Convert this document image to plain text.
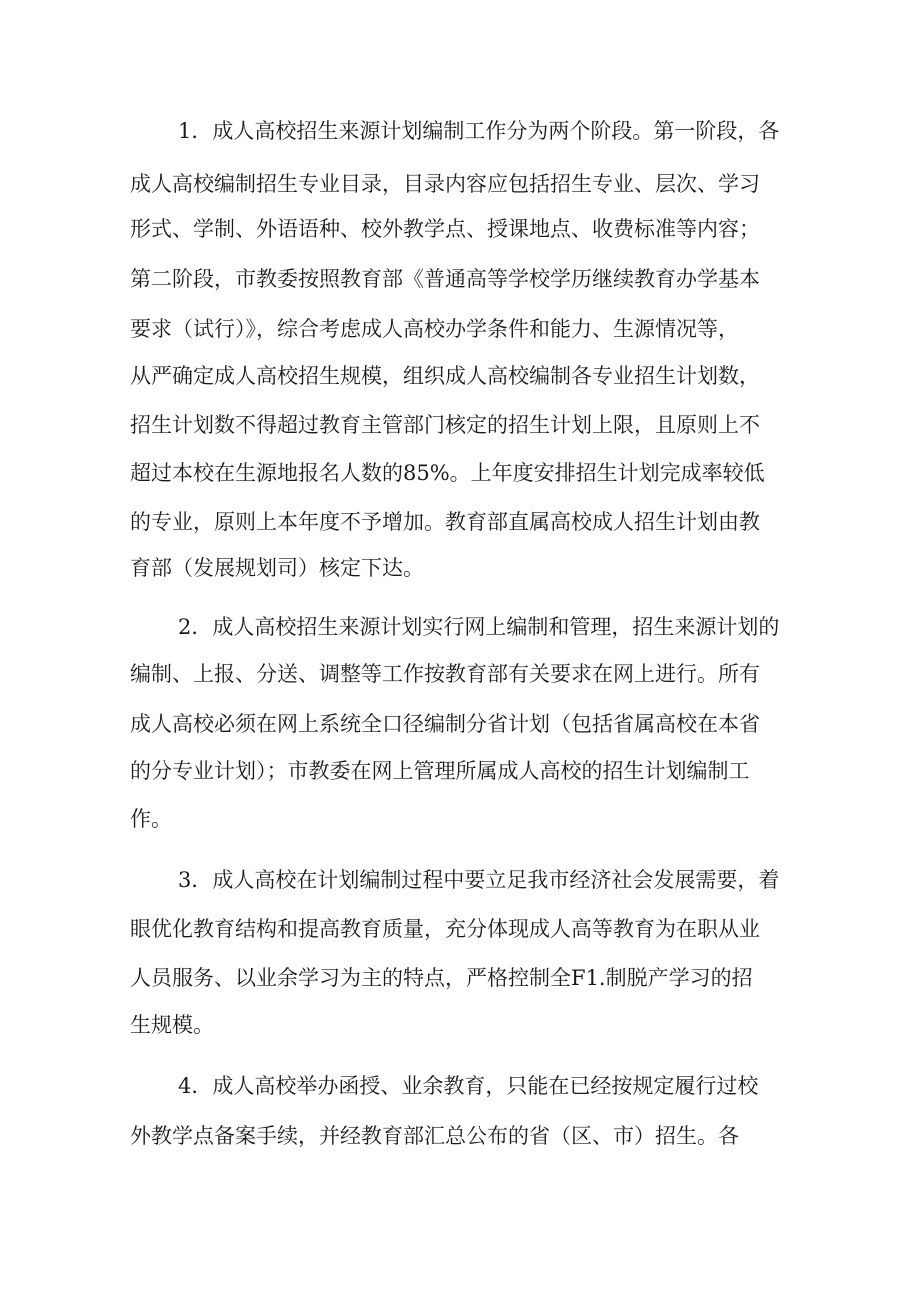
1．成人高校招生来源计划编制工作分为两个阶段。第一阶段，各
成人高校编制招生专业目录，目录内容应包括招生专业、层次、学习
形式、学制、外语语种、校外教学点、授课地点、收费标准等内容；
第二阶段，市教委按照教育部《普通高等学校学历继续教育办学基本
要求（试行）》，综合考虑成人高校办学条件和能力、生源情况等，
从严确定成人高校招生规模，组织成人高校编制各专业招生计划数，
招生计划数不得超过教育主管部门核定的招生计划上限，且原则上不
超过本校在生源地报名人数的85%。上年度安排招生计划完成率较低
的专业，原则上本年度不予增加。教育部直属高校成人招生计划由教
育部（发展规划司）核定下达。
2．成人高校招生来源计划实行网上编制和管理，招生来源计划的
编制、上报、分送、调整等工作按教育部有关要求在网上进行。所有
成人高校必须在网上系统全口径编制分省计划（包括省属高校在本省
的分专业计划）；市教委在网上管理所属成人高校的招生计划编制工
作。
3．成人高校在计划编制过程中要立足我市经济社会发展需要，着
眼优化教育结构和提高教育质量，充分体现成人高等教育为在职从业
人员服务、以业余学习为主的特点，严格控制全F1.制脱产学习的招
生规模。
4．成人高校举办函授、业余教育，只能在已经按规定履行过校
外教学点备案手续，并经教育部汇总公布的省（区、市）招生。各
